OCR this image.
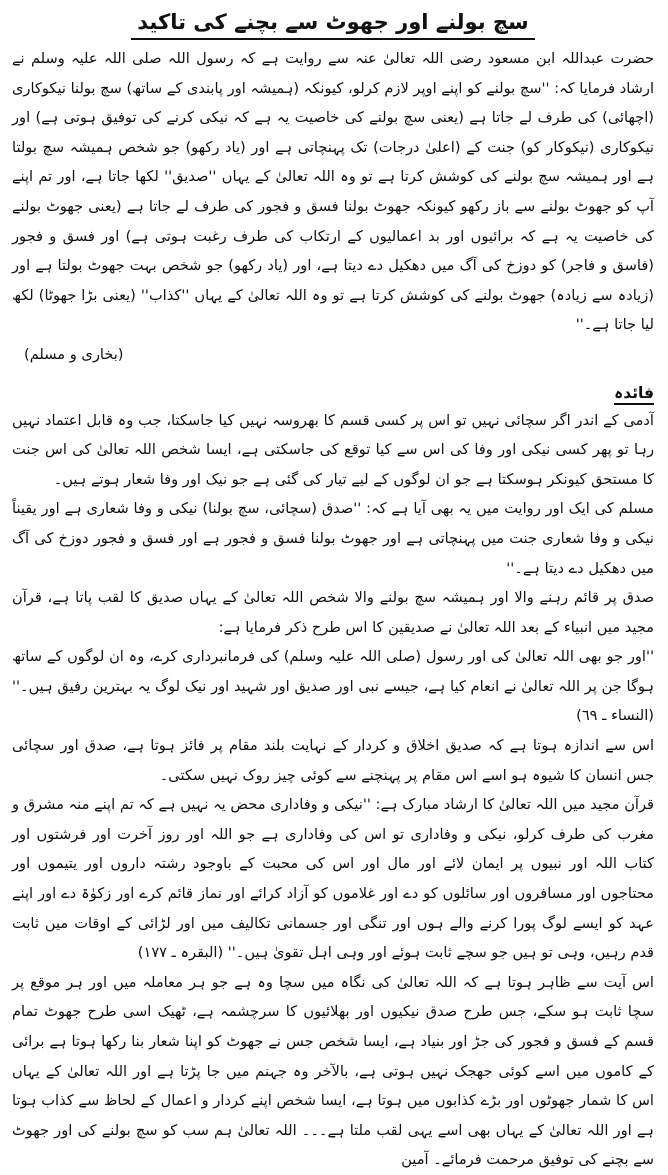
سچ بولنے اور جھوٹ سے بچنے کی تاکید

حضرت عبداللہ ابن مسعود رضی اللہ تعالیٰ عنہ سے روایت ہے کہ رسول اللہ صلی اللہ علیہ وسلم نے ارشاد فرمایا کہ: ''سچ بولنے کو اپنے اوپر لازم کرلو، کیونکہ (ہمیشہ اور پابندی کے ساتھ) سچ بولنا نیکوکاری (اچھائی) کی طرف لے جاتا ہے (یعنی سچ بولنے کی خاصیت یہ ہے کہ نیکی کرنے کی توفیق ہوتی ہے) اور نیکوکاری (نیکوکار کو) جنت کے (اعلیٰ درجات) تک پہنچاتی ہے اور (یاد رکھو) جو شخص ہمیشہ سچ بولتا ہے اور ہمیشہ سچ بولنے کی کوشش کرتا ہے تو وہ اللہ تعالیٰ کے یہاں ''صدیق'' لکھا جاتا ہے، اور تم اپنے آپ کو جھوٹ بولنے سے باز رکھو کیونکہ جھوٹ بولنا فسق و فجور کی طرف لے جاتا ہے (یعنی جھوٹ بولنے کی خاصیت یہ ہے کہ برائیوں اور بد اعمالیوں کے ارتکاب کی طرف رغبت ہوتی ہے) اور فسق و فجور (فاسق و فاجر) کو دوزخ کی آگ میں دھکیل دے دیتا ہے، اور (یاد رکھو) جو شخص بہت جھوٹ بولتا ہے اور (زیادہ سے زیادہ) جھوٹ بولنے کی کوشش کرتا ہے تو وہ اللہ تعالیٰ کے یہاں ''کذاب'' (یعنی بڑا جھوٹا) لکھ لیا جاتا ہے۔''

(بخاری و مسلم)

فائدہ

آدمی کے اندر اگر سچائی نہیں تو اس پر کسی قسم کا بھروسہ نہیں کیا جاسکتا، جب وہ قابل اعتماد نہیں رہا تو پھر کسی نیکی اور وفا کی اس سے کیا توقع کی جاسکتی ہے، ایسا شخص اللہ تعالیٰ کی اس جنت کا مستحق کیونکر ہوسکتا ہے جو ان لوگوں کے لیے تیار کی گئی ہے جو نیک اور وفا شعار ہوتے ہیں۔

مسلم کی ایک اور روایت میں یہ بھی آیا ہے کہ: ''صدق (سچائی، سچ بولنا) نیکی و وفا شعاری ہے اور یقیناً نیکی و وفا شعاری جنت میں پہنچاتی ہے اور جھوٹ بولنا فسق و فجور ہے اور فسق و فجور دوزخ کی آگ میں دھکیل دے دیتا ہے۔''

صدق پر قائم رہنے والا اور ہمیشہ سچ بولنے والا شخص اللہ تعالیٰ کے یہاں صدیق کا لقب پاتا ہے، قرآن مجید میں انبیاء کے بعد اللہ تعالیٰ نے صدیقین کا اس طرح ذکر فرمایا ہے:

''اور جو بھی اللہ تعالیٰ کی اور رسول (صلی اللہ علیہ وسلم) کی فرمانبرداری کرے، وہ ان لوگوں کے ساتھ ہوگا جن پر اللہ تعالیٰ نے انعام کیا ہے، جیسے نبی اور صدیق اور شہید اور نیک لوگ یہ بہترین رفیق ہیں۔'' (النساء ـ ٦٩)

اس سے اندازہ ہوتا ہے کہ صدیق اخلاق و کردار کے نہایت بلند مقام پر فائز ہوتا ہے، صدق اور سچائی جس انسان کا شیوہ ہو اسے اس مقام پر پہنچنے سے کوئی چیز روک نہیں سکتی۔

قرآن مجید میں اللہ تعالیٰ کا ارشاد مبارک ہے: ''نیکی و وفاداری محض یہ نہیں ہے کہ تم اپنے منہ مشرق و مغرب کی طرف کرلو، نیکی و وفاداری تو اس کی وفاداری ہے جو اللہ اور روز آخرت اور فرشتوں اور کتاب اللہ اور نبیوں پر ایمان لائے اور مال اور اس کی محبت کے باوجود رشتہ داروں اور یتیموں اور محتاجوں اور مسافروں اور سائلوں کو دے اور غلاموں کو آزاد کرائے اور نماز قائم کرے اور زکوٰۃ دے اور اپنے عہد کو ایسے لوگ پورا کرنے والے ہوں اور تنگی اور جسمانی تکالیف میں اور لڑائی کے اوقات میں ثابت قدم رہیں، وہی تو ہیں جو سچے ثابت ہوئے اور وہی اہل تقویٰ ہیں۔'' (البقرہ ـ ١٧٧)

اس آیت سے ظاہر ہوتا ہے کہ اللہ تعالیٰ کی نگاہ میں سچا وہ ہے جو ہر معاملہ میں اور ہر موقع پر سچا ثابت ہو سکے، جس طرح صدق نیکیوں اور بھلائیوں کا سرچشمہ ہے، ٹھیک اسی طرح جھوٹ تمام قسم کے فسق و فجور کی جڑ اور بنیاد ہے، ایسا شخص جس نے جھوٹ کو اپنا شعار بنا رکھا ہوتا ہے برائی کے کاموں میں اسے کوئی جھجک نہیں ہوتی ہے، بالآخر وہ جہنم میں جا پڑتا ہے اور اللہ تعالیٰ کے یہاں اس کا شمار جھوٹوں اور بڑے کذابوں میں ہوتا ہے، ایسا شخص اپنے کردار و اعمال کے لحاظ سے کذاب ہوتا ہے اور اللہ تعالیٰ کے یہاں بھی اسے یہی لقب ملتا ہے۔۔۔ اللہ تعالیٰ ہم سب کو سچ بولنے کی اور جھوٹ سے بچنے کی توفیق مرحمت فرمائے۔ آمین
